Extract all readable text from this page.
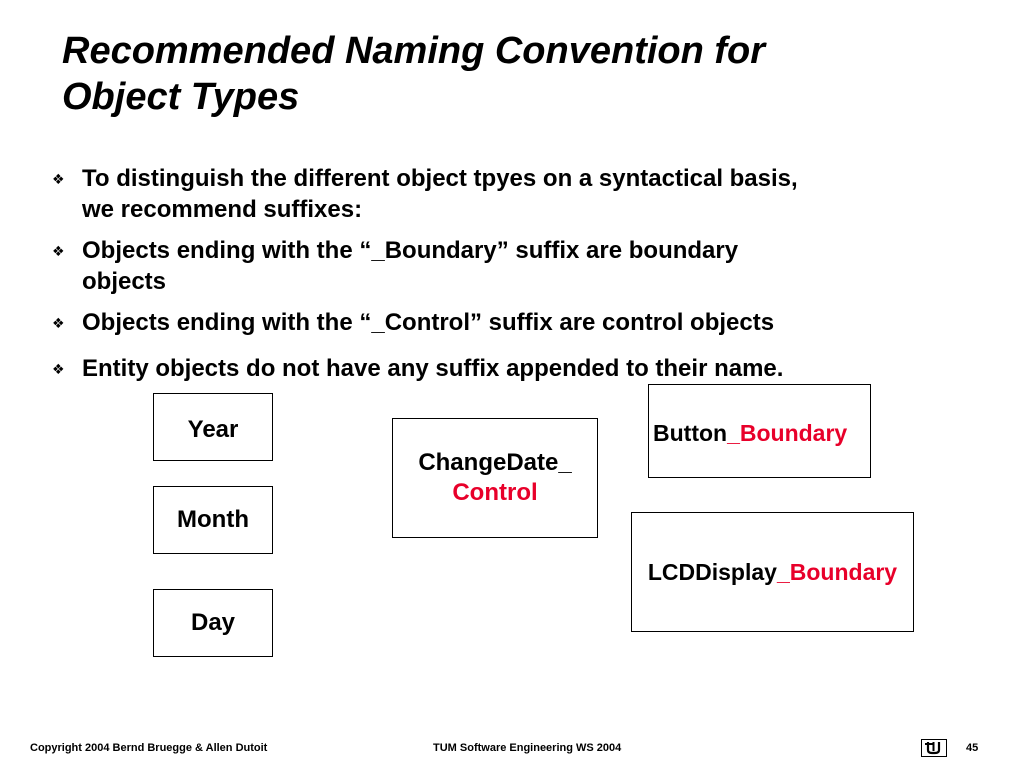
Recommended Naming Convention for
Object Types
❖ To distinguish the different object tpyes on a syntactical basis,
we recommend suffixes:
❖ Objects ending with the “_Boundary” suffix are boundary
objects
❖ Objects ending with the “_Control” suffix are control objects
❖ Entity objects do not have any suffix appended to their name.
Year
Month
Day
ChangeDate_
Control
Button _Boundary
LCDDisplay _Boundary
Copyright 2004 Bernd Bruegge & Allen Dutoit	TUM Software Engineering WS 2004	45
